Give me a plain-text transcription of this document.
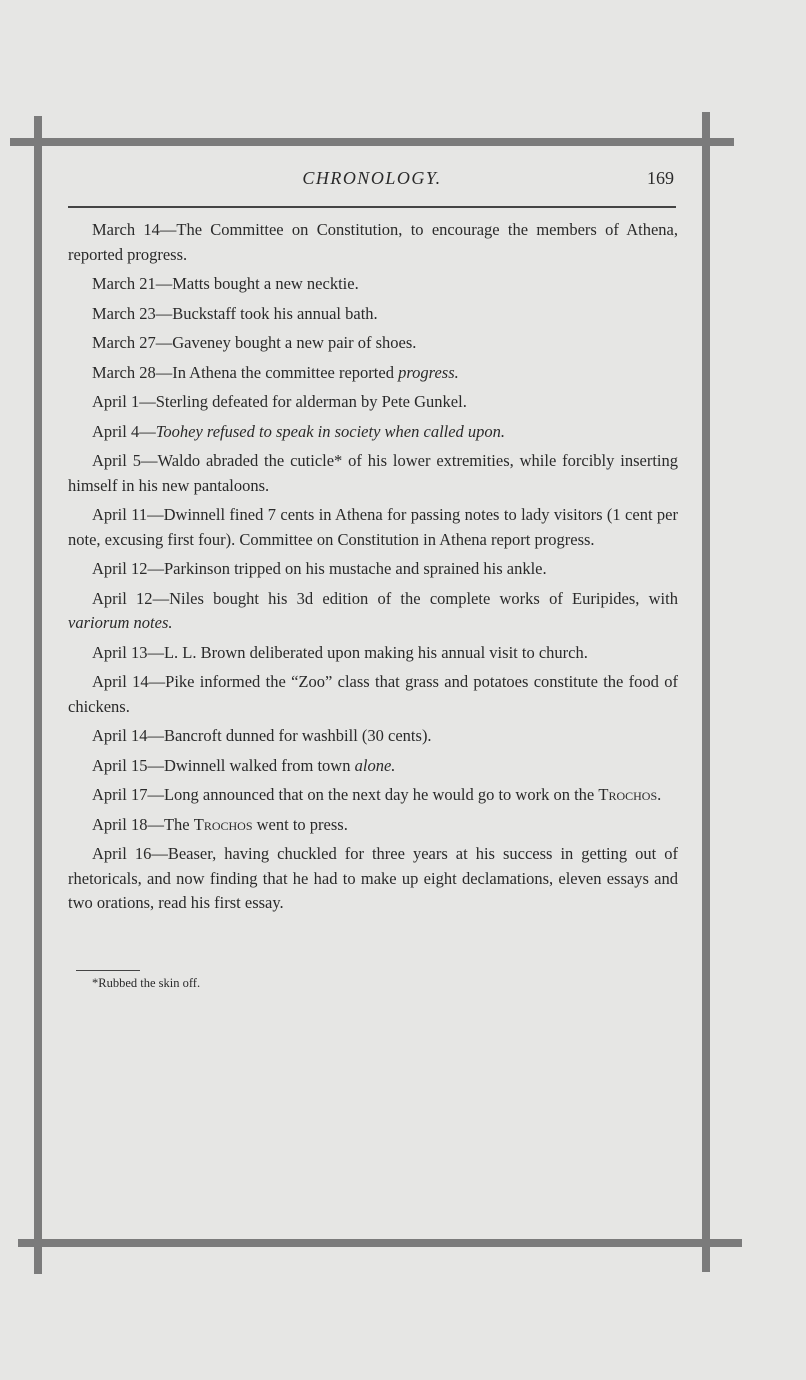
CHRONOLOGY.	169

March 14—The Committee on Constitution, to encourage the members of Athena, reported progress.

March 21—Matts bought a new necktie.

March 23—Buckstaff took his annual bath.

March 27—Gaveney bought a new pair of shoes.

March 28—In Athena the committee reported progress.

April 1—Sterling defeated for alderman by Pete Gunkel.

April 4—Toohey refused to speak in society when called upon.

April 5—Waldo abraded the cuticle* of his lower extremities, while forcibly inserting himself in his new pantaloons.

April 11—Dwinnell fined 7 cents in Athena for passing notes to lady visitors (1 cent per note, excusing first four). Committee on Constitution in Athena report progress.

April 12—Parkinson tripped on his mustache and sprained his ankle.

April 12—Niles bought his 3d edition of the complete works of Euripides, with variorum notes.

April 13—L. L. Brown deliberated upon making his annual visit to church.

April 14—Pike informed the “Zoo” class that grass and potatoes constitute the food of chickens.

April 14—Bancroft dunned for washbill (30 cents).

April 15—Dwinnell walked from town alone.

April 17—Long announced that on the next day he would go to work on the Trochos.

April 18—The Trochos went to press.

April 16—Beaser, having chuckled for three years at his success in getting out of rhetoricals, and now finding that he had to make up eight declamations, eleven essays and two orations, read his first essay.

*Rubbed the skin off.
